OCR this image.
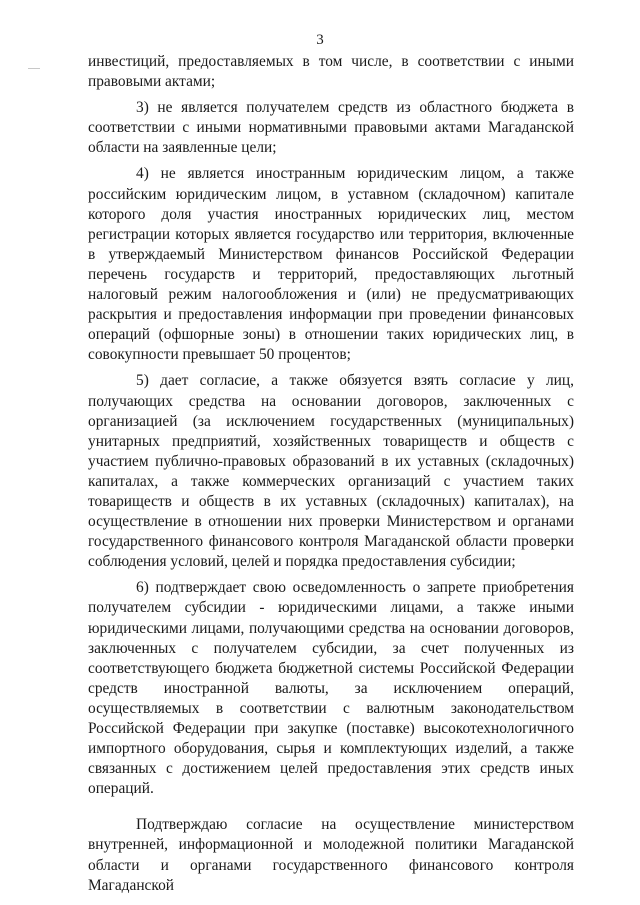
3

инвестиций, предоставляемых в том числе, в соответствии с иными правовыми актами;

3) не является получателем средств из областного бюджета в соответствии с иными нормативными правовыми актами Магаданской области на заявленные цели;

4) не является иностранным юридическим лицом, а также российским юридическим лицом, в уставном (складочном) капитале которого доля участия иностранных юридических лиц, местом регистрации которых является государство или территория, включенные в утверждаемый Министерством финансов Российской Федерации перечень государств и территорий, предоставляющих льготный налоговый режим налогообложения и (или) не предусматривающих раскрытия и предоставления информации при проведении финансовых операций (офшорные зоны) в отношении таких юридических лиц, в совокупности превышает 50 процентов;

5) дает согласие, а также обязуется взять согласие у лиц, получающих средства на основании договоров, заключенных с организацией (за исключением государственных (муниципальных) унитарных предприятий, хозяйственных товариществ и обществ с участием публично-правовых образований в их уставных (складочных) капиталах, а также коммерческих организаций с участием таких товариществ и обществ в их уставных (складочных) капиталах), на осуществление в отношении них проверки Министерством и органами государственного финансового контроля Магаданской области проверки соблюдения условий, целей и порядка предоставления субсидии;

6) подтверждает свою осведомленность о запрете приобретения получателем субсидии - юридическими лицами, а также иными юридическими лицами, получающими средства на основании договоров, заключенных с получателем субсидии, за счет полученных из соответствующего бюджета бюджетной системы Российской Федерации средств иностранной валюты, за исключением операций, осуществляемых в соответствии с валютным законодательством Российской Федерации при закупке (поставке) высокотехнологичного импортного оборудования, сырья и комплектующих изделий, а также связанных с достижением целей предоставления этих средств иных операций.

Подтверждаю согласие на осуществление министерством внутренней, информационной и молодежной политики Магаданской области и органами государственного финансового контроля Магаданской
